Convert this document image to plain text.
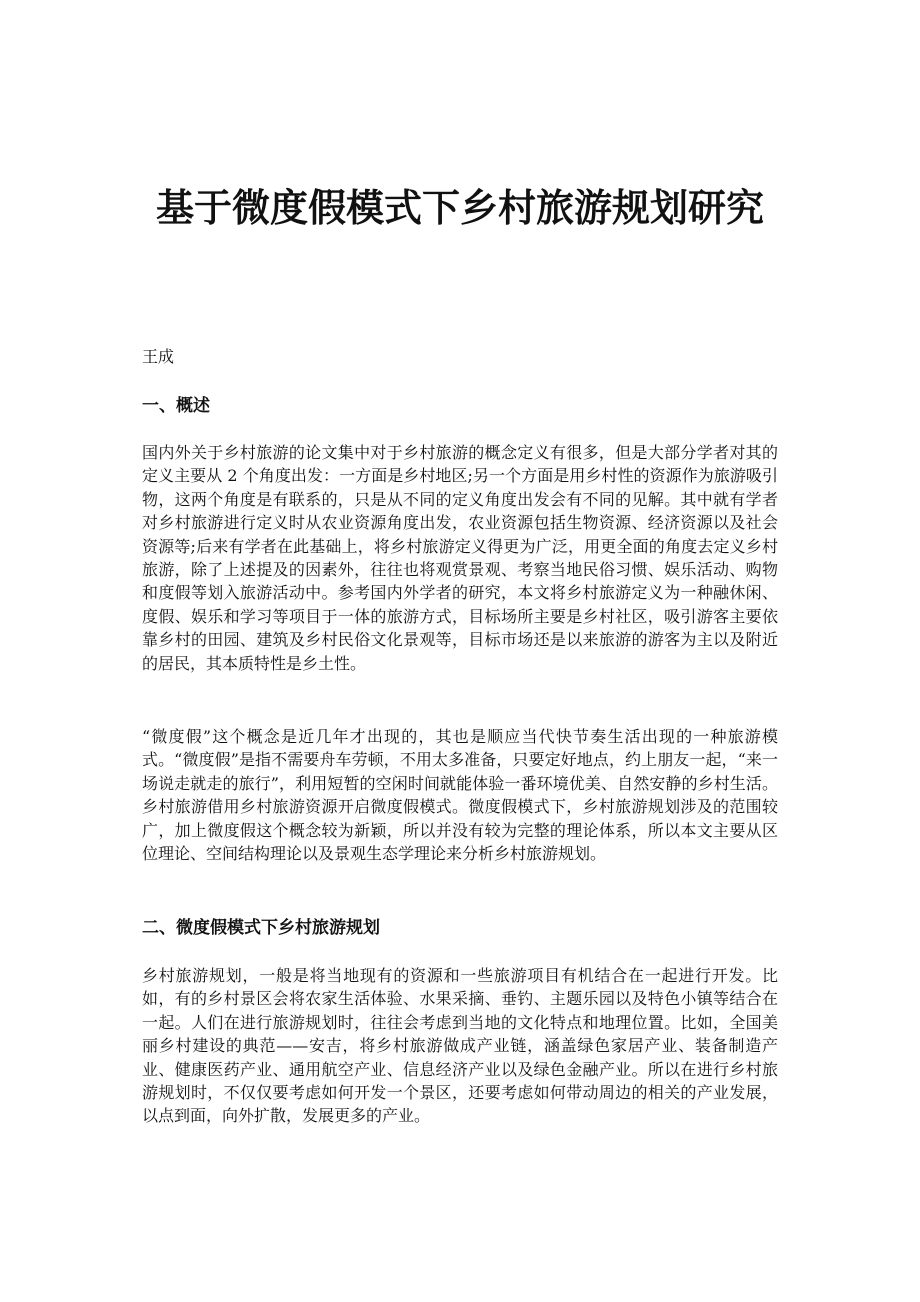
基于微度假模式下乡村旅游规划研究

王成

一、概述

国内外关于乡村旅游的论文集中对于乡村旅游的概念定义有很多，但是大部分学者对其的定义主要从 2 个角度出发：一方面是乡村地区;另一个方面是用乡村性的资源作为旅游吸引物，这两个角度是有联系的，只是从不同的定义角度出发会有不同的见解。其中就有学者对乡村旅游进行定义时从农业资源角度出发，农业资源包括生物资源、经济资源以及社会资源等;后来有学者在此基础上，将乡村旅游定义得更为广泛，用更全面的角度去定义乡村旅游，除了上述提及的因素外，往往也将观赏景观、考察当地民俗习惯、娱乐活动、购物和度假等划入旅游活动中。参考国内外学者的研究，本文将乡村旅游定义为一种融休闲、度假、娱乐和学习等项目于一体的旅游方式，目标场所主要是乡村社区，吸引游客主要依靠乡村的田园、建筑及乡村民俗文化景观等，目标市场还是以来旅游的游客为主以及附近的居民，其本质特性是乡土性。

“微度假”这个概念是近几年才出现的，其也是顺应当代快节奏生活出现的一种旅游模式。“微度假”是指不需要舟车劳顿，不用太多准备，只要定好地点，约上朋友一起，“来一场说走就走的旅行”，利用短暂的空闲时间就能体验一番环境优美、自然安静的乡村生活。乡村旅游借用乡村旅游资源开启微度假模式。微度假模式下，乡村旅游规划涉及的范围较广，加上微度假这个概念较为新颖，所以并没有较为完整的理论体系，所以本文主要从区位理论、空间结构理论以及景观生态学理论来分析乡村旅游规划。

二、微度假模式下乡村旅游规划

乡村旅游规划，一般是将当地现有的资源和一些旅游项目有机结合在一起进行开发。比如，有的乡村景区会将农家生活体验、水果采摘、垂钓、主题乐园以及特色小镇等结合在一起。人们在进行旅游规划时，往往会考虑到当地的文化特点和地理位置。比如，全国美丽乡村建设的典范——安吉，将乡村旅游做成产业链，涵盖绿色家居产业、装备制造产业、健康医药产业、通用航空产业、信息经济产业以及绿色金融产业。所以在进行乡村旅游规划时，不仅仅要考虑如何开发一个景区，还要考虑如何带动周边的相关的产业发展，以点到面，向外扩散，发展更多的产业。
